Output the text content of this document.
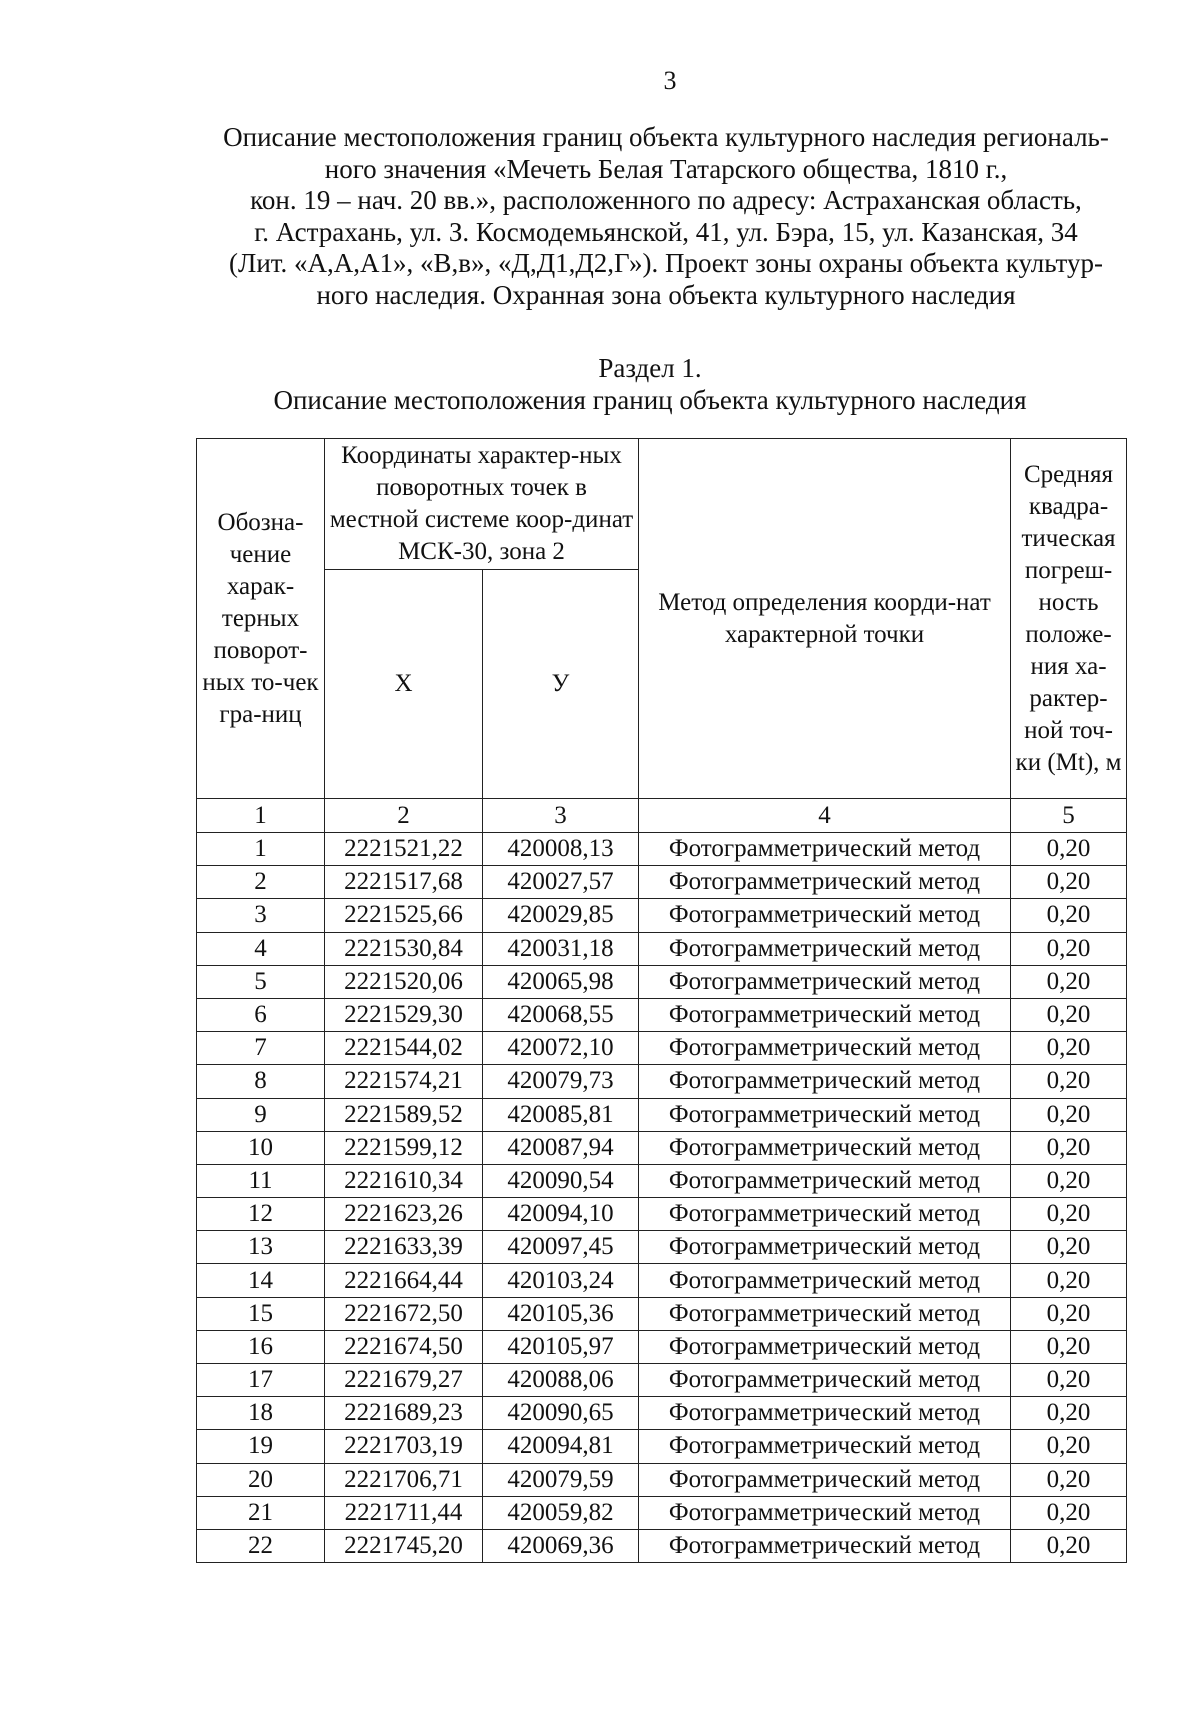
3
Описание местоположения границ объекта культурного наследия региональ-
ного значения «Мечеть Белая Татарского общества, 1810 г.,
кон. 19 – нач. 20 вв.», расположенного по адресу: Астраханская область,
г. Астрахань, ул. З. Космодемьянской, 41, ул. Бэра, 15, ул. Казанская, 34
(Лит. «А,А,А1», «В,в», «Д,Д1,Д2,Г»). Проект зоны охраны объекта культур-
ного наследия. Охранная зона объекта культурного наследия
Раздел 1.
Описание местоположения границ объекта культурного наследия
Обозна-чение харак-терных поворот-ных то-чек гра-ниц	Координаты характер-ных поворотных точек в местной системе коор-динат МСК-30, зона 2		Метод определения коорди-нат характерной точки	Средняя квадра-тическая погреш-ность положе-ния ха-рактер-ной точ-ки (Mt), м
	X	У		
1	2	3	4	5
1	2221521,22	420008,13	Фотограмметрический метод	0,20
2	2221517,68	420027,57	Фотограмметрический метод	0,20
3	2221525,66	420029,85	Фотограмметрический метод	0,20
4	2221530,84	420031,18	Фотограмметрический метод	0,20
5	2221520,06	420065,98	Фотограмметрический метод	0,20
6	2221529,30	420068,55	Фотограмметрический метод	0,20
7	2221544,02	420072,10	Фотограмметрический метод	0,20
8	2221574,21	420079,73	Фотограмметрический метод	0,20
9	2221589,52	420085,81	Фотограмметрический метод	0,20
10	2221599,12	420087,94	Фотограмметрический метод	0,20
11	2221610,34	420090,54	Фотограмметрический метод	0,20
12	2221623,26	420094,10	Фотограмметрический метод	0,20
13	2221633,39	420097,45	Фотограмметрический метод	0,20
14	2221664,44	420103,24	Фотограмметрический метод	0,20
15	2221672,50	420105,36	Фотограмметрический метод	0,20
16	2221674,50	420105,97	Фотограмметрический метод	0,20
17	2221679,27	420088,06	Фотограмметрический метод	0,20
18	2221689,23	420090,65	Фотограмметрический метод	0,20
19	2221703,19	420094,81	Фотограмметрический метод	0,20
20	2221706,71	420079,59	Фотограмметрический метод	0,20
21	2221711,44	420059,82	Фотограмметрический метод	0,20
22	2221745,20	420069,36	Фотограмметрический метод	0,20
